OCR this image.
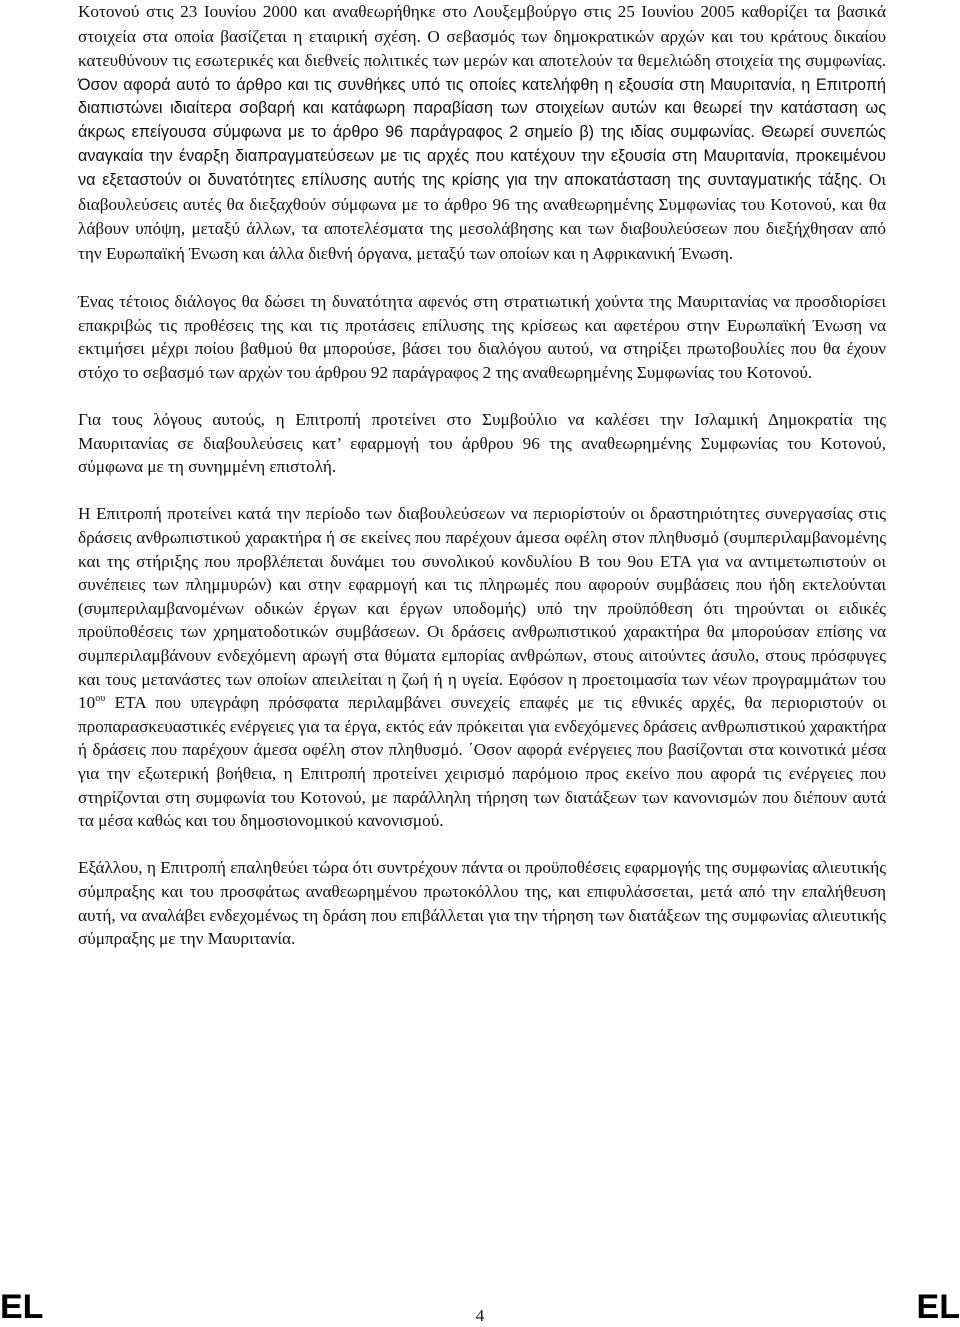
Κοτονού στις 23 Ιουνίου 2000 και αναθεωρήθηκε στο Λουξεμβούργο στις 25 Ιουνίου 2005 καθορίζει τα βασικά στοιχεία στα οποία βασίζεται η εταιρική σχέση. Ο σεβασμός των δημοκρατικών αρχών και του κράτους δικαίου κατευθύνουν τις εσωτερικές και διεθνείς πολιτικές των μερών και αποτελούν τα θεμελιώδη στοιχεία της συμφωνίας. Όσον αφορά αυτό το άρθρο και τις συνθήκες υπό τις οποίες κατελήφθη η εξουσία στη Μαυριτανία, η Επιτροπή διαπιστώνει ιδιαίτερα σοβαρή και κατάφωρη παραβίαση των στοιχείων αυτών και θεωρεί την κατάσταση ως άκρως επείγουσα σύμφωνα με το άρθρο 96 παράγραφος 2 σημείο β) της ιδίας συμφωνίας. Θεωρεί συνεπώς αναγκαία την έναρξη διαπραγματεύσεων με τις αρχές που κατέχουν την εξουσία στη Μαυριτανία, προκειμένου να εξεταστούν οι δυνατότητες επίλυσης αυτής της κρίσης για την αποκατάσταση της συνταγματικής τάξης. Οι διαβουλεύσεις αυτές θα διεξαχθούν σύμφωνα με το άρθρο 96 της αναθεωρημένης Συμφωνίας του Κοτονού, και θα λάβουν υπόψη, μεταξύ άλλων, τα αποτελέσματα της μεσολάβησης και των διαβουλεύσεων που διεξήχθησαν από την Ευρωπαϊκή Ένωση και άλλα διεθνή όργανα, μεταξύ των οποίων και η Αφρικανική Ένωση.

Ένας τέτοιος διάλογος θα δώσει τη δυνατότητα αφενός στη στρατιωτική χούντα της Μαυριτανίας να προσδιορίσει επακριβώς τις προθέσεις της και τις προτάσεις επίλυσης της κρίσεως και αφετέρου στην Ευρωπαϊκή Ένωση να εκτιμήσει μέχρι ποίου βαθμού θα μπορούσε, βάσει του διαλόγου αυτού, να στηρίξει πρωτοβουλίες που θα έχουν στόχο το σεβασμό των αρχών του άρθρου 92 παράγραφος 2 της αναθεωρημένης Συμφωνίας του Κοτονού.

Για τους λόγους αυτούς, η Επιτροπή προτείνει στο Συμβούλιο να καλέσει την Ισλαμική Δημοκρατία της Μαυριτανίας σε διαβουλεύσεις κατ’ εφαρμογή του άρθρου 96 της αναθεωρημένης Συμφωνίας του Κοτονού, σύμφωνα με τη συνημμένη επιστολή.

Η Επιτροπή προτείνει κατά την περίοδο των διαβουλεύσεων να περιορίστούν οι δραστηριότητες συνεργασίας στις δράσεις ανθρωπιστικού χαρακτήρα ή σε εκείνες που παρέχουν άμεσα οφέλη στον πληθυσμό (συμπεριλαμβανομένης και της στήριξης που προβλέπεται δυνάμει του συνολικού κονδυλίου Β του 9ου ΕΤΑ για να αντιμετωπιστούν οι συνέπειες των πλημμυρών) και στην εφαρμογή και τις πληρωμές που αφορούν συμβάσεις που ήδη εκτελούνται (συμπεριλαμβανομένων οδικών έργων και έργων υποδομής) υπό την προϋπόθεση ότι τηρούνται οι ειδικές προϋποθέσεις των χρηματοδοτικών συμβάσεων. Οι δράσεις ανθρωπιστικού χαρακτήρα θα μπορούσαν επίσης να συμπεριλαμβάνουν ενδεχόμενη αρωγή στα θύματα εμπορίας ανθρώπων, στους αιτούντες άσυλο, στους πρόσφυγες και τους μετανάστες των οποίων απειλείται η ζωή ή η υγεία. Εφόσον η προετοιμασία των νέων προγραμμάτων του $10^{o\upsilon}$ ΕΤΑ που υπεγράφη πρόσφατα περιλαμβάνει συνεχείς επαφές με τις εθνικές αρχές, θα περιοριστούν οι προπαρασκευαστικές ενέργειες για τα έργα, εκτός εάν πρόκειται για ενδεχόμενες δράσεις ανθρωπιστικού χαρακτήρα ή δράσεις που παρέχουν άμεσα οφέλη στον πληθυσμό. ΄Οσον αφορά ενέργειες που βασίζονται στα κοινοτικά μέσα για την εξωτερική βοήθεια, η Επιτροπή προτείνει χειρισμό παρόμοιο προς εκείνο που αφορά τις ενέργειες που στηρίζονται στη συμφωνία του Κοτονού, με παράλληλη τήρηση των διατάξεων των κανονισμών που διέπουν αυτά τα μέσα καθώς και του δημοσιονομικού κανονισμού.

Εξάλλου, η Επιτροπή επαληθεύει τώρα ότι συντρέχουν πάντα οι προϋποθέσεις εφαρμογής της συμφωνίας αλιευτικής σύμπραξης και του προσφάτως αναθεωρημένου πρωτοκόλλου της, και επιφυλάσσεται, μετά από την επαλήθευση αυτή, να αναλάβει ενδεχομένως τη δράση που επιβάλλεται για την τήρηση των διατάξεων της συμφωνίας αλιευτικής σύμπραξης με την Μαυριτανία.

EL	4	EL
